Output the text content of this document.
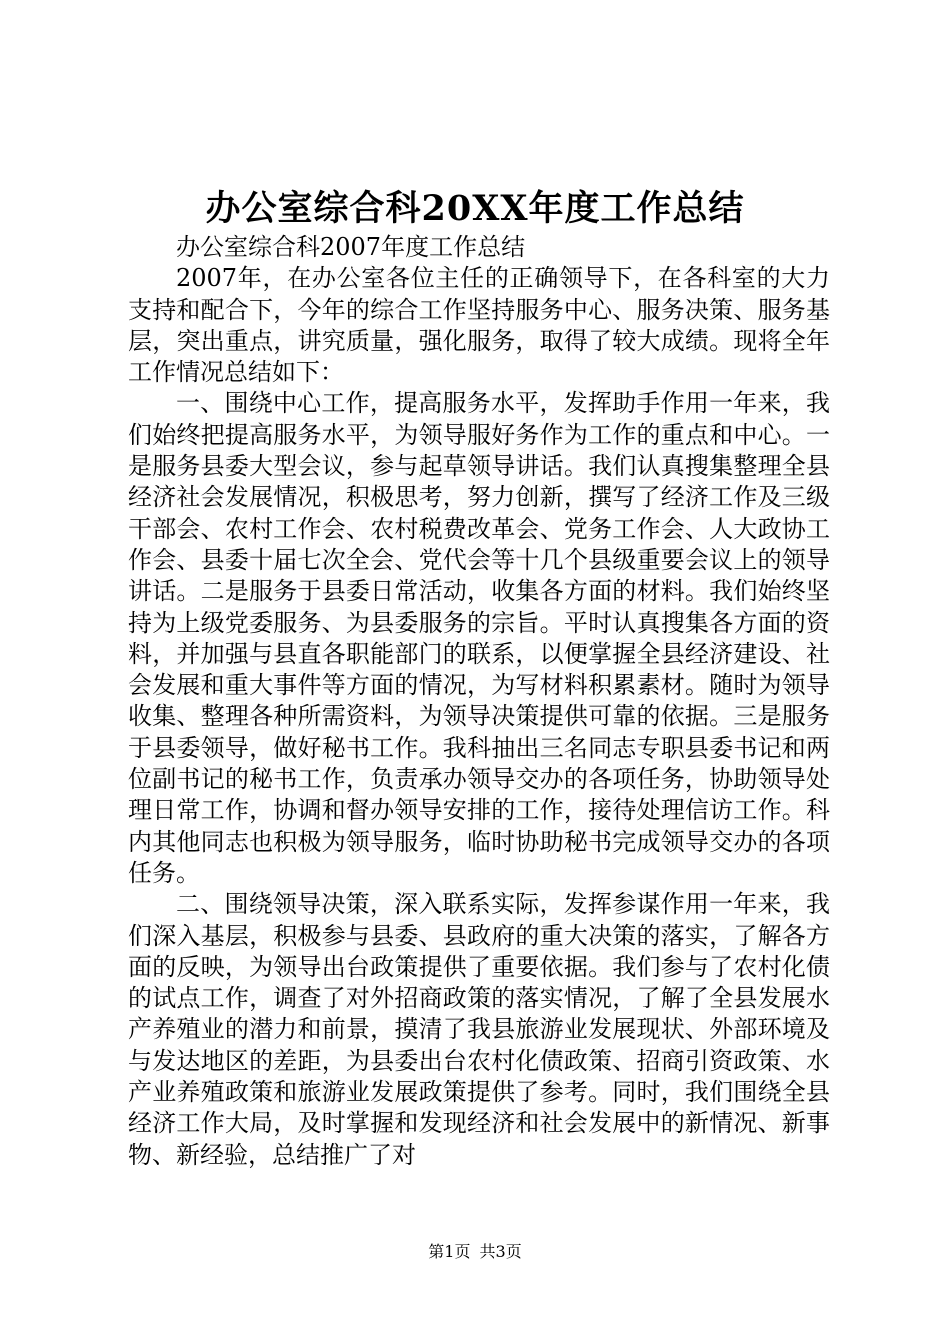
办公室综合科20XX年度工作总结

办公室综合科2007年度工作总结

2007年，在办公室各位主任的正确领导下，在各科室的大力支持和配合下，今年的综合工作坚持服务中心、服务决策、服务基层，突出重点，讲究质量，强化服务，取得了较大成绩。现将全年工作情况总结如下：

一、围绕中心工作，提高服务水平，发挥助手作用一年来，我们始终把提高服务水平，为领导服好务作为工作的重点和中心。一是服务县委大型会议，参与起草领导讲话。我们认真搜集整理全县经济社会发展情况，积极思考，努力创新，撰写了经济工作及三级干部会、农村工作会、农村税费改革会、党务工作会、人大政协工作会、县委十届七次全会、党代会等十几个县级重要会议上的领导讲话。二是服务于县委日常活动，收集各方面的材料。我们始终坚持为上级党委服务、为县委服务的宗旨。平时认真搜集各方面的资料，并加强与县直各职能部门的联系，以便掌握全县经济建设、社会发展和重大事件等方面的情况，为写材料积累素材。随时为领导收集、整理各种所需资料，为领导决策提供可靠的依据。三是服务于县委领导，做好秘书工作。我科抽出三名同志专职县委书记和两位副书记的秘书工作，负责承办领导交办的各项任务，协助领导处理日常工作，协调和督办领导安排的工作，接待处理信访工作。科内其他同志也积极为领导服务，临时协助秘书完成领导交办的各项任务。

二、围绕领导决策，深入联系实际，发挥参谋作用一年来，我们深入基层，积极参与县委、县政府的重大决策的落实，了解各方面的反映，为领导出台政策提供了重要依据。我们参与了农村化债的试点工作，调查了对外招商政策的落实情况，了解了全县发展水产养殖业的潜力和前景，摸清了我县旅游业发展现状、外部环境及与发达地区的差距，为县委出台农村化债政策、招商引资政策、水产业养殖政策和旅游业发展政策提供了参考。同时，我们围绕全县经济工作大局，及时掌握和发现经济和社会发展中的新情况、新事物、新经验，总结推广了对

第1页 共3页
